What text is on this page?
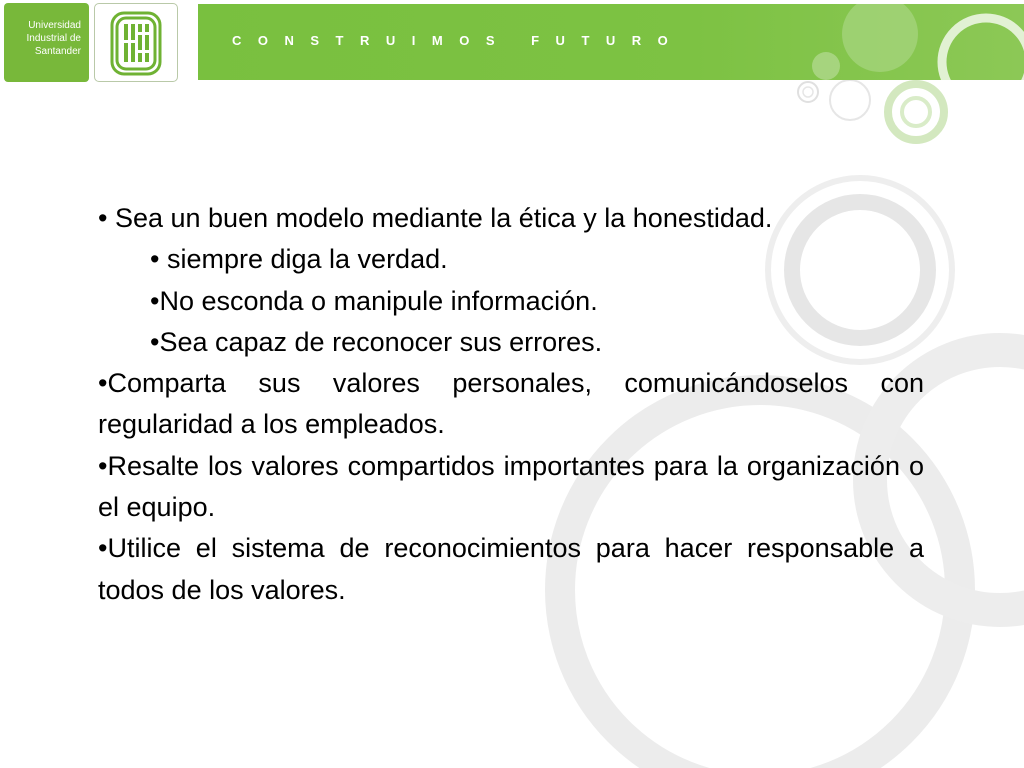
Universidad
Industrial de
Santander
CONSTRUIMOS FUTURO

• Sea un buen modelo mediante la ética y la honestidad.

• siempre diga la verdad.

•No esconda o manipule información.

•Sea capaz de reconocer sus errores.

•Comparta sus valores personales, comunicándoselos con regularidad a los empleados.

•Resalte los valores compartidos importantes para la organización o el equipo.

•Utilice el sistema de reconocimientos para hacer responsable a todos de los valores.
